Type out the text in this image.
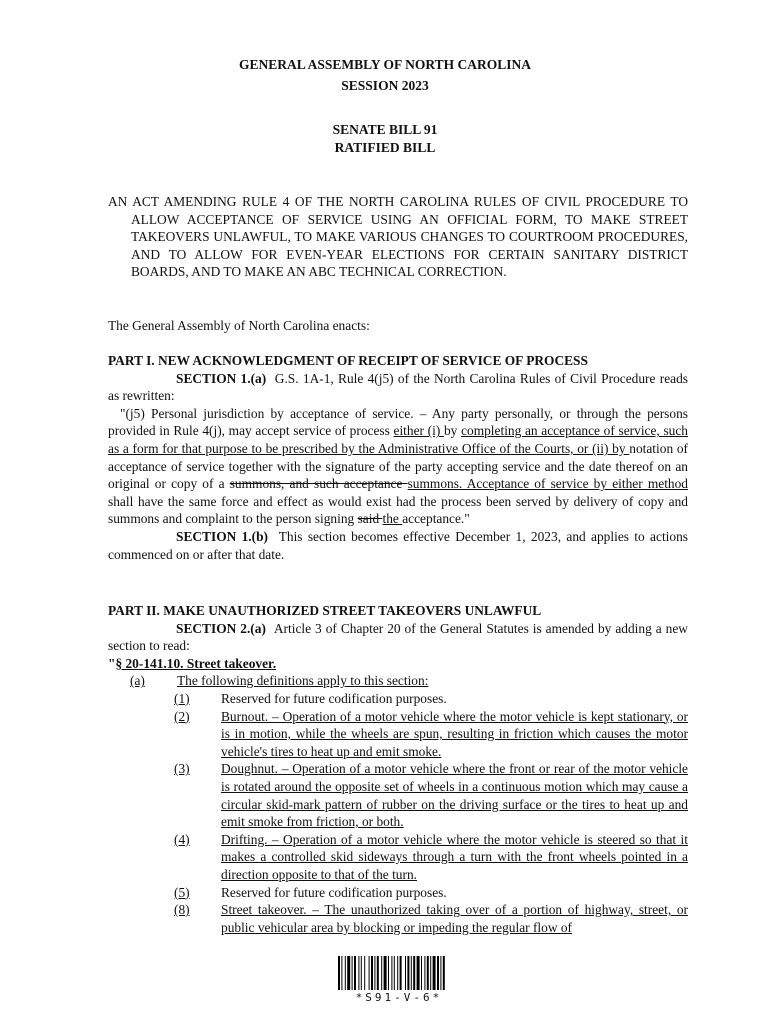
GENERAL ASSEMBLY OF NORTH CAROLINA
SESSION 2023
SENATE BILL 91
RATIFIED BILL

AN ACT AMENDING RULE 4 OF THE NORTH CAROLINA RULES OF CIVIL PROCEDURE TO ALLOW ACCEPTANCE OF SERVICE USING AN OFFICIAL FORM, TO MAKE STREET TAKEOVERS UNLAWFUL, TO MAKE VARIOUS CHANGES TO COURTROOM PROCEDURES, AND TO ALLOW FOR EVEN-YEAR ELECTIONS FOR CERTAIN SANITARY DISTRICT BOARDS, AND TO MAKE AN ABC TECHNICAL CORRECTION.

The General Assembly of North Carolina enacts:

PART I. NEW ACKNOWLEDGMENT OF RECEIPT OF SERVICE OF PROCESS

SECTION 1.(a) G.S. 1A-1, Rule 4(j5) of the North Carolina Rules of Civil Procedure reads as rewritten:

"(j5) Personal jurisdiction by acceptance of service. – Any party personally, or through the persons provided in Rule 4(j), may accept service of process either (i) by completing an acceptance of service, such as a form for that purpose to be prescribed by the Administrative Office of the Courts, or (ii) by notation of acceptance of service together with the signature of the party accepting service and the date thereof on an original or copy of a summons, and such acceptance summons. Acceptance of service by either method shall have the same force and effect as would exist had the process been served by delivery of copy and summons and complaint to the person signing said the acceptance."

SECTION 1.(b) This section becomes effective December 1, 2023, and applies to actions commenced on or after that date.

PART II. MAKE UNAUTHORIZED STREET TAKEOVERS UNLAWFUL

SECTION 2.(a) Article 3 of Chapter 20 of the General Statutes is amended by adding a new section to read:

"§ 20-141.10. Street takeover.

(a)	The following definitions apply to this section:
(1)	Reserved for future codification purposes.
(2)	Burnout. – Operation of a motor vehicle where the motor vehicle is kept stationary, or is in motion, while the wheels are spun, resulting in friction which causes the motor vehicle's tires to heat up and emit smoke.
(3)	Doughnut. – Operation of a motor vehicle where the front or rear of the motor vehicle is rotated around the opposite set of wheels in a continuous motion which may cause a circular skid-mark pattern of rubber on the driving surface or the tires to heat up and emit smoke from friction, or both.
(4)	Drifting. – Operation of a motor vehicle where the motor vehicle is steered so that it makes a controlled skid sideways through a turn with the front wheels pointed in a direction opposite to that of the turn.
(5)	Reserved for future codification purposes.
(8)	Street takeover. – The unauthorized taking over of a portion of highway, street, or public vehicular area by blocking or impeding the regular flow of
*S91-V-6*
